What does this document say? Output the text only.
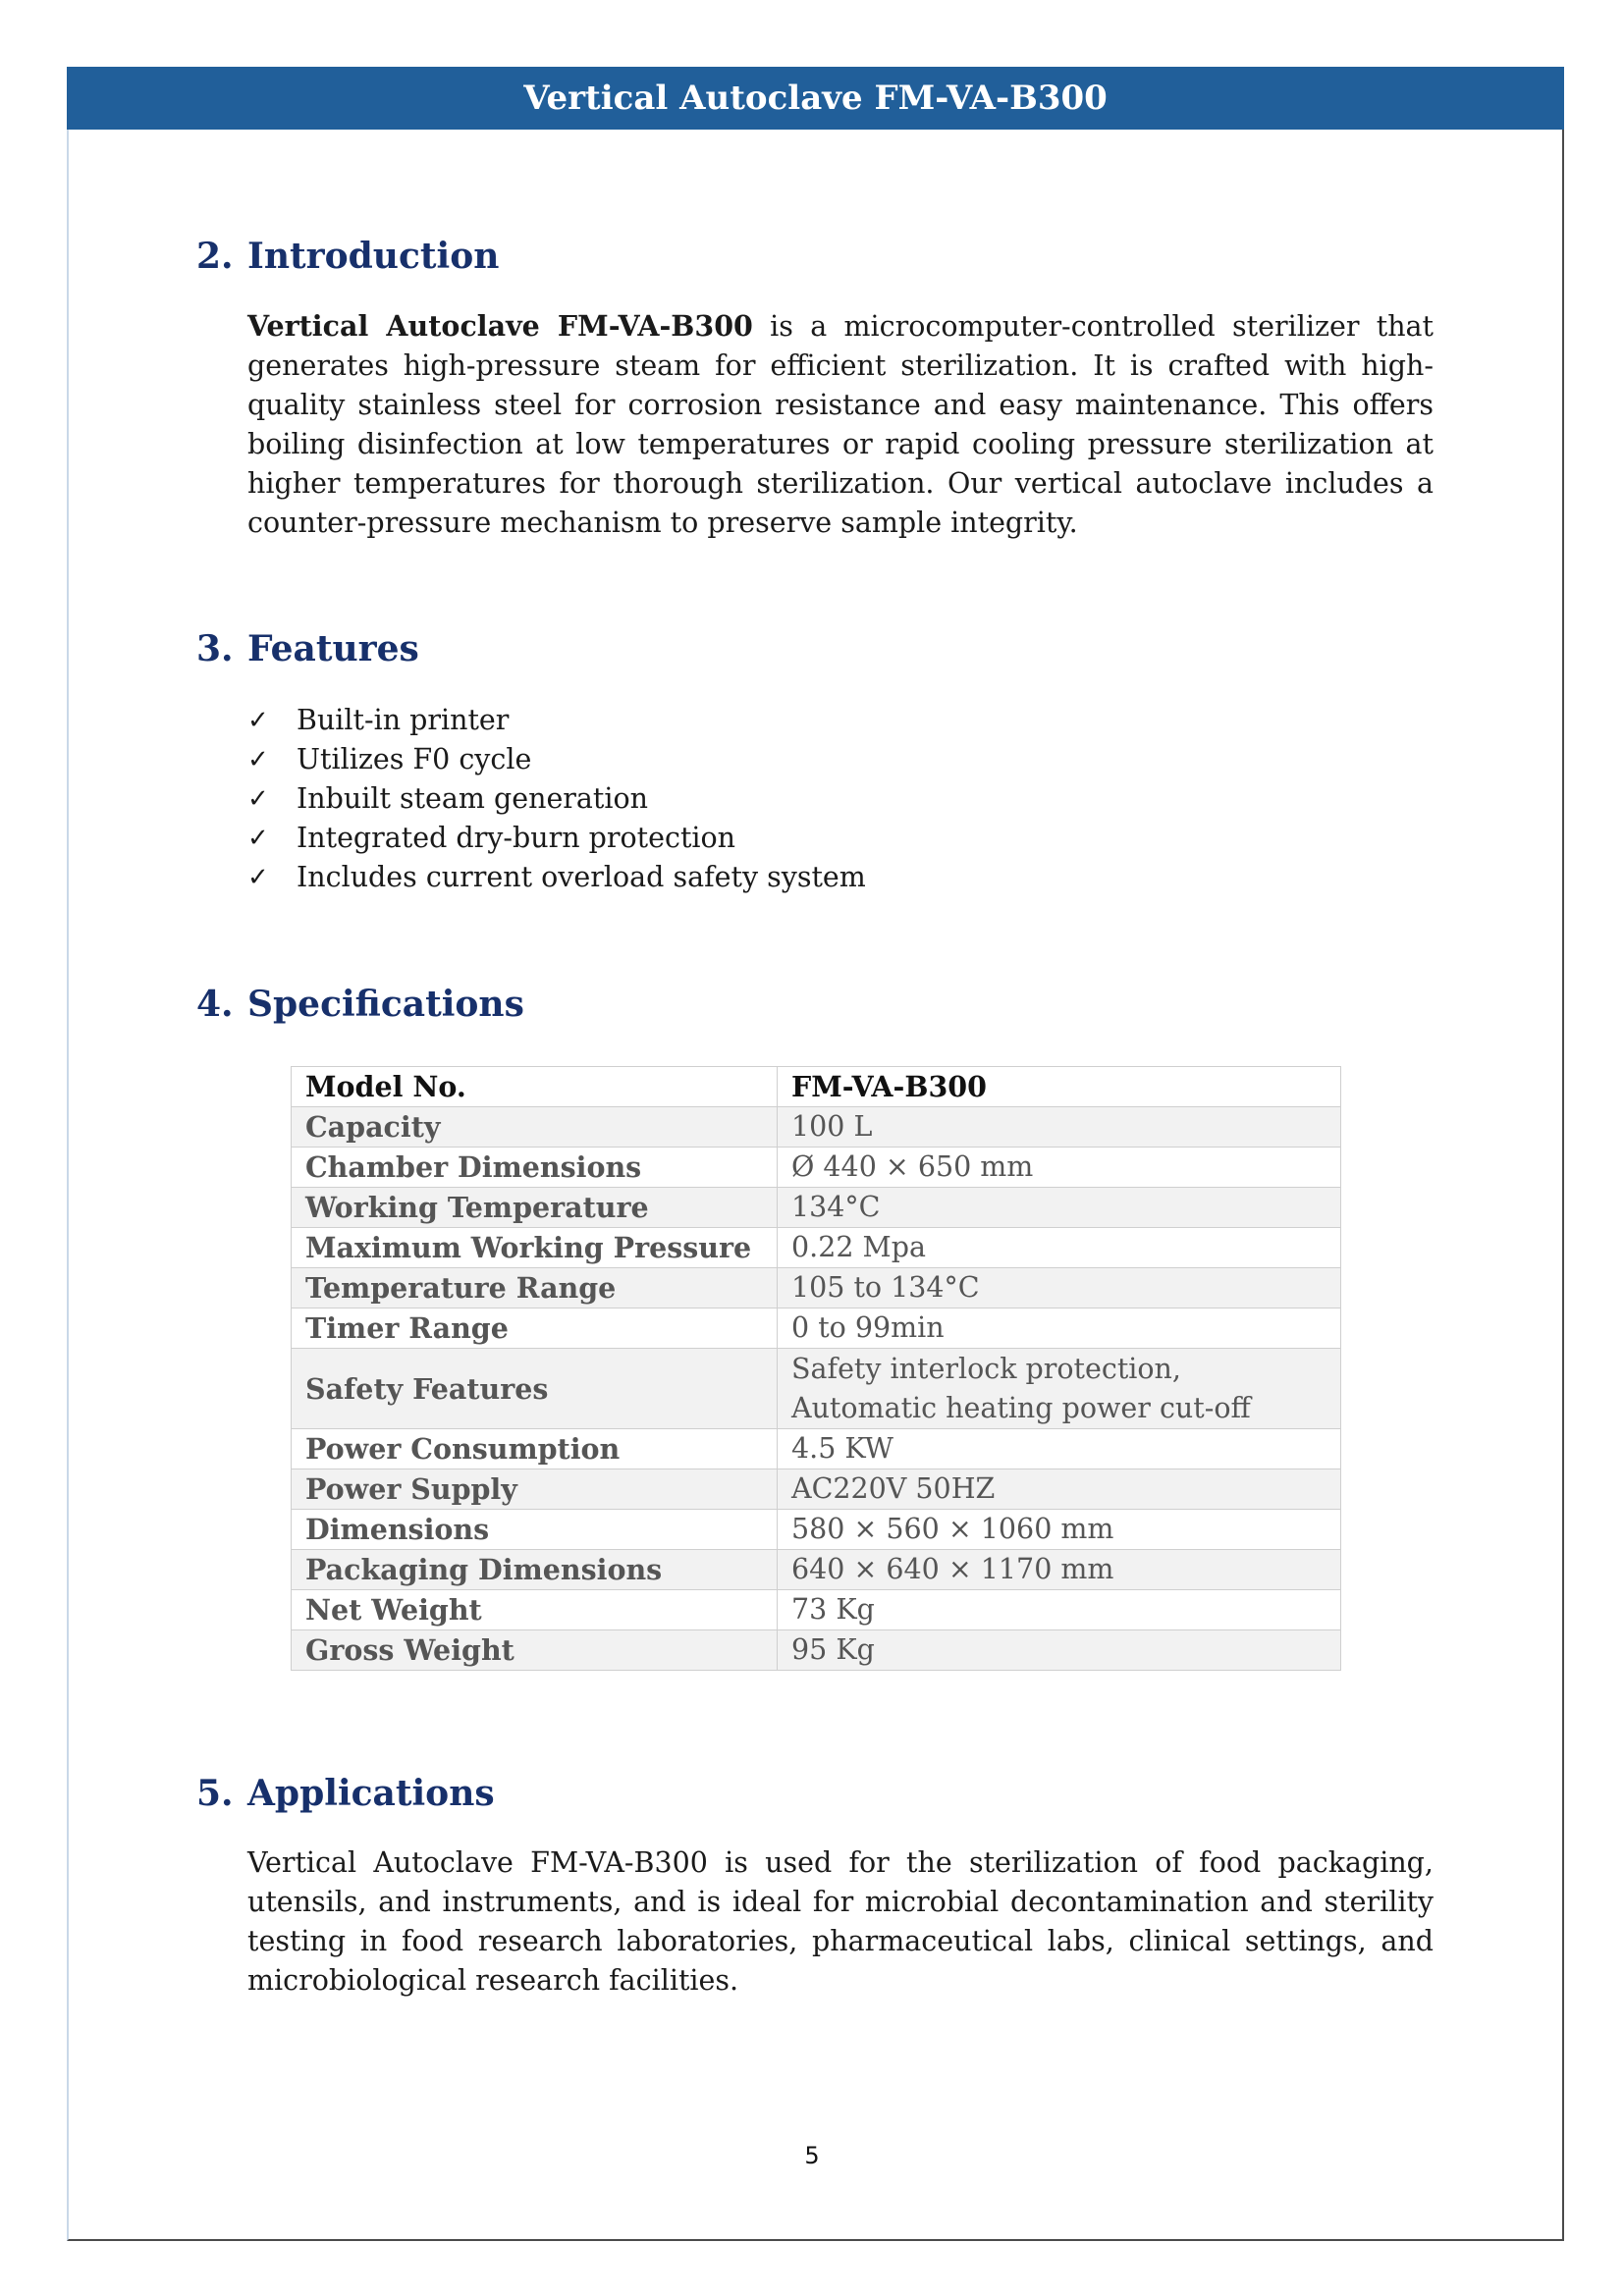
Vertical Autoclave FM-VA-B300
2. Introduction

Vertical Autoclave FM-VA-B300 is a microcomputer-controlled sterilizer that generates high-pressure steam for efficient sterilization. It is crafted with high-quality stainless steel for corrosion resistance and easy maintenance. This offers boiling disinfection at low temperatures or rapid cooling pressure sterilization at higher temperatures for thorough sterilization. Our vertical autoclave includes a counter-pressure mechanism to preserve sample integrity.

3. Features
✓ Built-in printer
✓ Utilizes F0 cycle
✓ Inbuilt steam generation
✓ Integrated dry-burn protection
✓ Includes current overload safety system
4. Specifications
Model No.	FM-VA-B300
Capacity	100 L
Chamber Dimensions	Ø 440 × 650 mm
Working Temperature	134°C
Maximum Working Pressure	0.22 Mpa
Temperature Range	105 to 134°C
Timer Range	0 to 99min
Safety Features	Safety interlock protection, Automatic heating power cut-off
Power Consumption	4.5 KW
Power Supply	AC220V 50HZ
Dimensions	580 × 560 × 1060 mm
Packaging Dimensions	640 × 640 × 1170 mm
Net Weight	73 Kg
Gross Weight	95 Kg
5. Applications

Vertical Autoclave FM-VA-B300 is used for the sterilization of food packaging, utensils, and instruments, and is ideal for microbial decontamination and sterility testing in food research laboratories, pharmaceutical labs, clinical settings, and microbiological research facilities.

5
